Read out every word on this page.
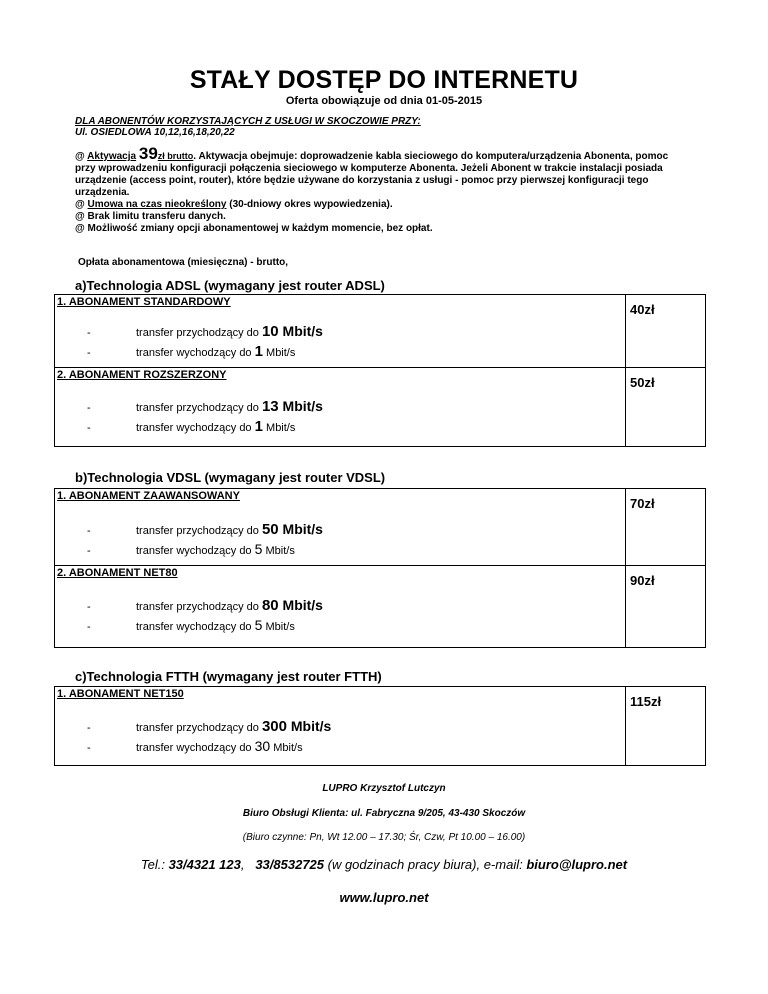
STAŁY DOSTĘP DO INTERNETU
Oferta obowiązuje od dnia 01-05-2015
DLA ABONENTÓW KORZYSTAJĄCYCH Z USŁUGI W SKOCZOWIE PRZY:
Ul. OSIEDLOWA 10,12,16,18,20,22
@ Aktywacja 39zł brutto. Aktywacja obejmuje: doprowadzenie kabla sieciowego do komputera/urządzenia Abonenta, pomoc
przy wprowadzeniu konfiguracji połączenia sieciowego w komputerze Abonenta. Jeżeli Abonent w trakcie instalacji posiada
urządzenie (access point, router), które będzie używane do korzystania z usługi - pomoc przy pierwszej konfiguracji tego
urządzenia.
@ Umowa na czas nieokreślony (30-dniowy okres wypowiedzenia).
@ Brak limitu transferu danych.
@ Możliwość zmiany opcji abonamentowej w każdym momencie, bez opłat.
Opłata abonamentowa (miesięczna) - brutto,
a)Technologia ADSL (wymagany jest router ADSL)
1. ABONAMENT STANDARDOWY	40zł
-	transfer przychodzący do 10 Mbit/s
-	transfer wychodzący do 1 Mbit/s
2. ABONAMENT ROZSZERZONY	50zł
-	transfer przychodzący do 13 Mbit/s
-	transfer wychodzący do 1 Mbit/s
b)Technologia VDSL (wymagany jest router VDSL)
1. ABONAMENT ZAAWANSOWANY	70zł
-	transfer przychodzący do 50 Mbit/s
-	transfer wychodzący do 5 Mbit/s
2. ABONAMENT NET80	90zł
-	transfer przychodzący do 80 Mbit/s
-	transfer wychodzący do 5 Mbit/s
c)Technologia FTTH (wymagany jest router FTTH)
1. ABONAMENT NET150	115zł
-	transfer przychodzący do 300 Mbit/s
-	transfer wychodzący do 30 Mbit/s
LUPRO Krzysztof Lutczyn
Biuro Obsługi Klienta: ul. Fabryczna 9/205, 43-430 Skoczów
(Biuro czynne: Pn, Wt 12.00 – 17.30; Śr, Czw, Pt 10.00 – 16.00)
Tel.: 33/4321 123,   33/8532725 (w godzinach pracy biura), e-mail: biuro@lupro.net
www.lupro.net
